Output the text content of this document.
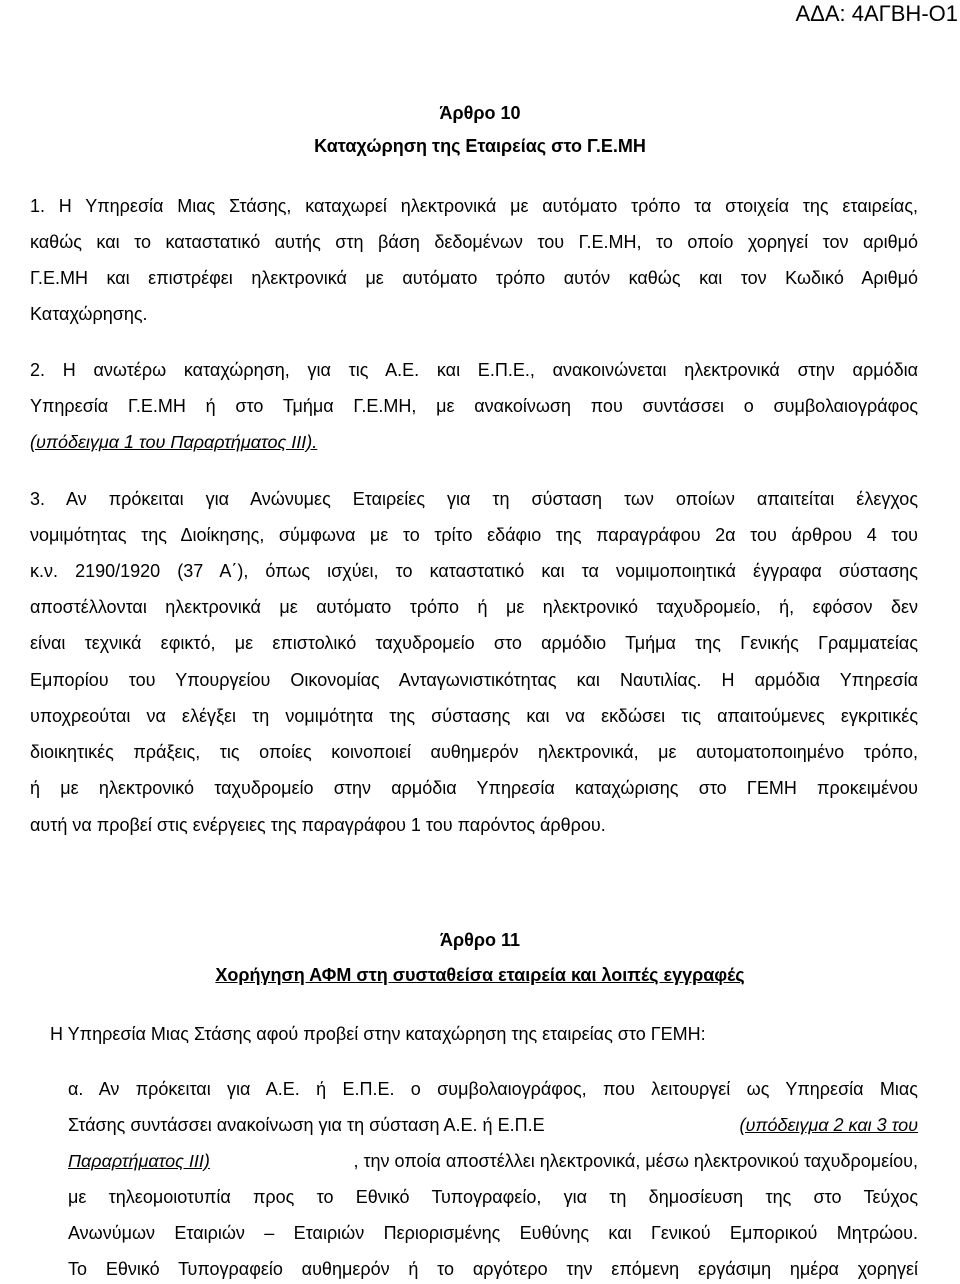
ΑΔΑ: 4ΑΓΒΗ-Ο1

Άρθρο 10

Καταχώρηση της Εταιρείας στο Γ.Ε.ΜΗ

1. Η Υπηρεσία Μιας Στάσης, καταχωρεί ηλεκτρονικά με αυτόματο τρόπο τα στοιχεία της εταιρείας,

καθώς και το καταστατικό αυτής στη βάση δεδομένων του Γ.Ε.ΜΗ, το οποίο χορηγεί τον αριθμό

Γ.Ε.ΜΗ και επιστρέφει ηλεκτρονικά με αυτόματο τρόπο αυτόν καθώς και τον Κωδικό Αριθμό

Καταχώρησης.

2. Η ανωτέρω καταχώρηση, για τις Α.Ε. και Ε.Π.Ε., ανακοινώνεται ηλεκτρονικά στην αρμόδια

Υπηρεσία Γ.Ε.ΜΗ ή στο Τμήμα Γ.Ε.ΜΗ, με ανακοίνωση που συντάσσει ο συμβολαιογράφος

(υπόδειγμα 1 του Παραρτήματος ΙΙΙ).

3. Αν πρόκειται για Ανώνυμες Εταιρείες για τη σύσταση των οποίων απαιτείται έλεγχος

νομιμότητας της Διοίκησης, σύμφωνα με το τρίτο εδάφιο της παραγράφου 2α του άρθρου 4 του

κ.ν. 2190/1920 (37 Α΄), όπως ισχύει, το καταστατικό και τα νομιμοποιητικά έγγραφα σύστασης

αποστέλλονται ηλεκτρονικά με αυτόματο τρόπο ή με ηλεκτρονικό ταχυδρομείο, ή, εφόσον δεν

είναι τεχνικά εφικτό, με επιστολικό ταχυδρομείο στο αρμόδιο Τμήμα της Γενικής Γραμματείας

Εμπορίου του Υπουργείου Οικονομίας Ανταγωνιστικότητας και Ναυτιλίας. Η αρμόδια Υπηρεσία

υποχρεούται να ελέγξει τη νομιμότητα της σύστασης και να εκδώσει τις απαιτούμενες εγκριτικές

διοικητικές πράξεις, τις οποίες κοινοποιεί αυθημερόν ηλεκτρονικά, με αυτοματοποιημένο τρόπο,

ή με ηλεκτρονικό ταχυδρομείο στην αρμόδια Υπηρεσία καταχώρισης στο ΓΕΜΗ προκειμένου

αυτή να προβεί στις ενέργειες της παραγράφου 1 του παρόντος άρθρου.

Άρθρο 11

Χορήγηση ΑΦΜ στη συσταθείσα εταιρεία και λοιπές εγγραφές

Η Υπηρεσία Μιας Στάσης αφού προβεί στην καταχώρηση της εταιρείας στο ΓΕΜΗ:

α. Αν πρόκειται για Α.Ε. ή Ε.Π.Ε. ο συμβολαιογράφος, που λειτουργεί ως Υπηρεσία Μιας

Στάσης συντάσσει ανακοίνωση για τη σύσταση Α.Ε. ή Ε.Π.Ε	(υπόδειγμα 2 και 3 του
Παραρτήματος ΙΙΙ)	, την οποία αποστέλλει ηλεκτρονικά, μέσω ηλεκτρονικού ταχυδρομείου,

με τηλεομοιοτυπία προς το Εθνικό Τυπογραφείο, για τη δημοσίευση της στο Τεύχος

Ανωνύμων Εταιριών – Εταιριών Περιορισμένης Ευθύνης και Γενικού Εμπορικού Μητρώου.

Το Εθνικό Τυπογραφείο αυθημερόν ή το αργότερο την επόμενη εργάσιμη ημέρα χορηγεί
